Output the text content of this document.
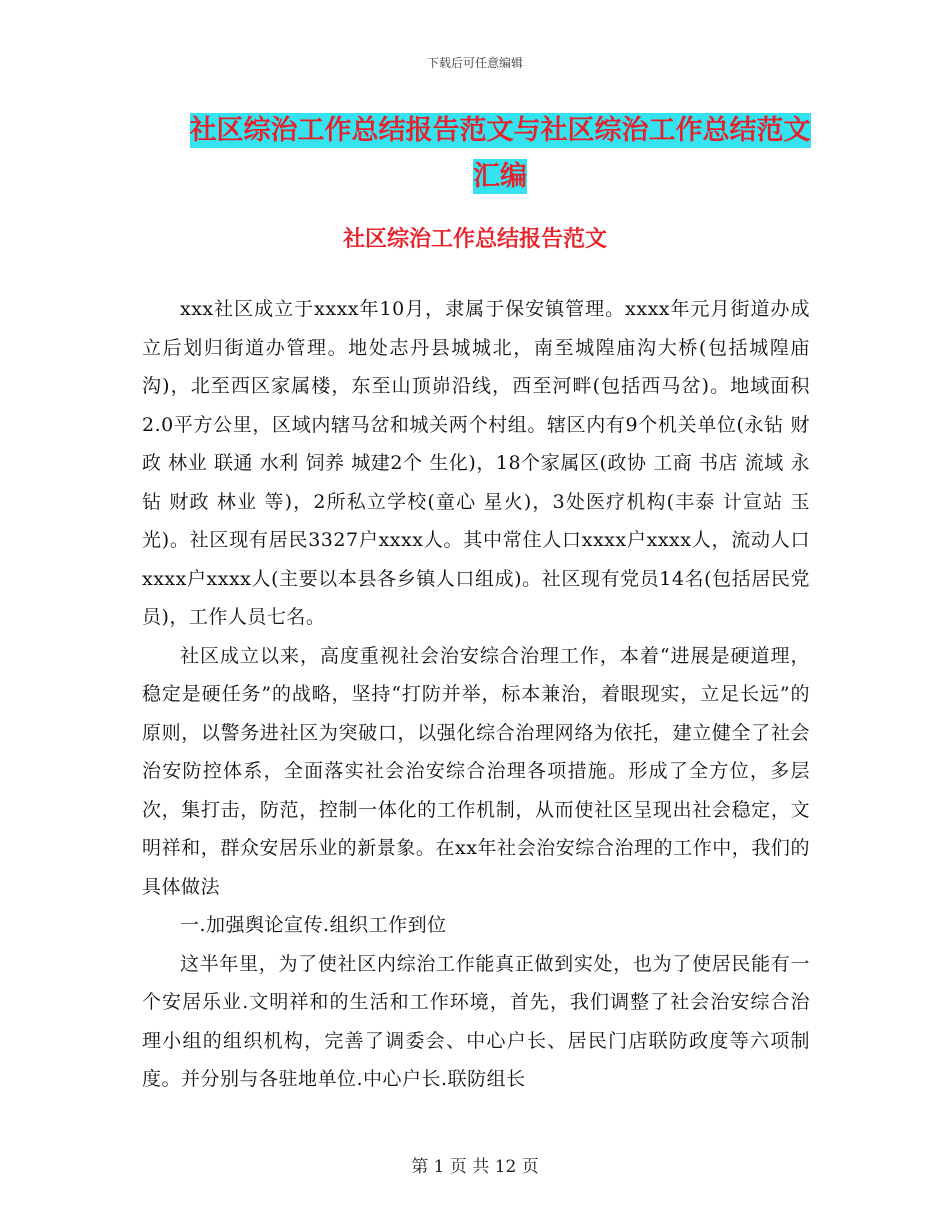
下载后可任意编辑
社区综治工作总结报告范文与社区综治工作总结范文
汇编
社区综治工作总结报告范文

xxx社区成立于xxxx年10月，隶属于保安镇管理。xxxx年元月街道办成立后划归街道办管理。地处志丹县城城北，南至城隍庙沟大桥(包括城隍庙沟)，北至西区家属楼，东至山顶峁沿线，西至河畔(包括西马岔)。地域面积2.0平方公里，区域内辖马岔和城关两个村组。辖区内有9个机关单位(永钻 财政 林业 联通 水利 饲养 城建2个 生化)，18个家属区(政协 工商 书店 流域 永钻 财政 林业 等)，2所私立学校(童心 星火)，3处医疗机构(丰泰 计宣站 玉光)。社区现有居民3327户xxxx人。其中常住人口xxxx户xxxx人，流动人口xxxx户xxxx人(主要以本县各乡镇人口组成)。社区现有党员14名(包括居民党员)，工作人员七名。

社区成立以来，高度重视社会治安综合治理工作，本着“进展是硬道理，稳定是硬任务”的战略，坚持“打防并举，标本兼治，着眼现实，立足长远”的原则，以警务进社区为突破口，以强化综合治理网络为依托，建立健全了社会治安防控体系，全面落实社会治安综合治理各项措施。形成了全方位，多层次，集打击，防范，控制一体化的工作机制，从而使社区呈现出社会稳定，文明祥和，群众安居乐业的新景象。在xx年社会治安综合治理的工作中，我们的具体做法

一.加强舆论宣传.组织工作到位

这半年里，为了使社区内综治工作能真正做到实处，也为了使居民能有一个安居乐业.文明祥和的生活和工作环境，首先，我们调整了社会治安综合治理小组的组织机构，完善了调委会、中心户长、居民门店联防政度等六项制度。并分别与各驻地单位.中心户长.联防组长

第 1 页 共 12 页
